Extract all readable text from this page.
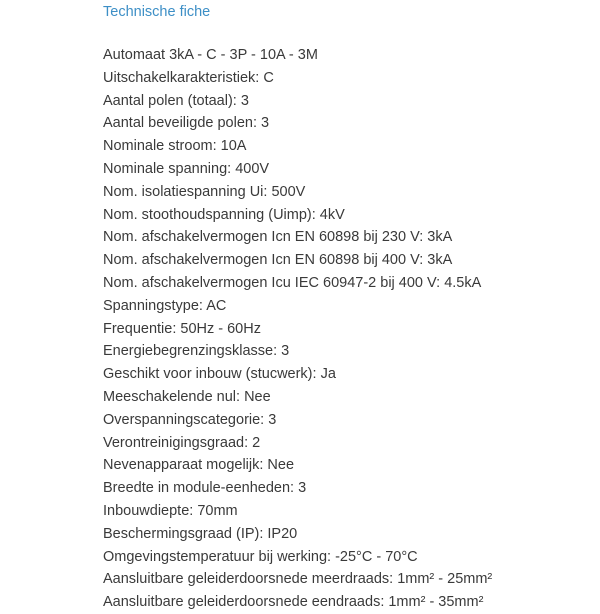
Technische fiche
Automaat 3kA - C - 3P - 10A - 3M
Uitschakelkarakteristiek: C
Aantal polen (totaal): 3
Aantal beveiligde polen: 3
Nominale stroom: 10A
Nominale spanning: 400V
Nom. isolatiespanning Ui: 500V
Nom. stoothoudspanning (Uimp): 4kV
Nom. afschakelvermogen Icn EN 60898 bij 230 V: 3kA
Nom. afschakelvermogen Icn EN 60898 bij 400 V: 3kA
Nom. afschakelvermogen Icu IEC 60947-2 bij 400 V: 4.5kA
Spanningstype: AC
Frequentie: 50Hz - 60Hz
Energiebegrenzingsklasse: 3
Geschikt voor inbouw (stucwerk): Ja
Meeschakelende nul: Nee
Overspanningscategorie: 3
Verontreinigingsgraad: 2
Nevenapparaat mogelijk: Nee
Breedte in module-eenheden: 3
Inbouwdiepte: 70mm
Beschermingsgraad (IP): IP20
Omgevingstemperatuur bij werking: -25°C - 70°C
Aansluitbare geleiderdoorsnede meerdraads: 1mm² - 25mm²
Aansluitbare geleiderdoorsnede eendraads: 1mm² - 35mm²
